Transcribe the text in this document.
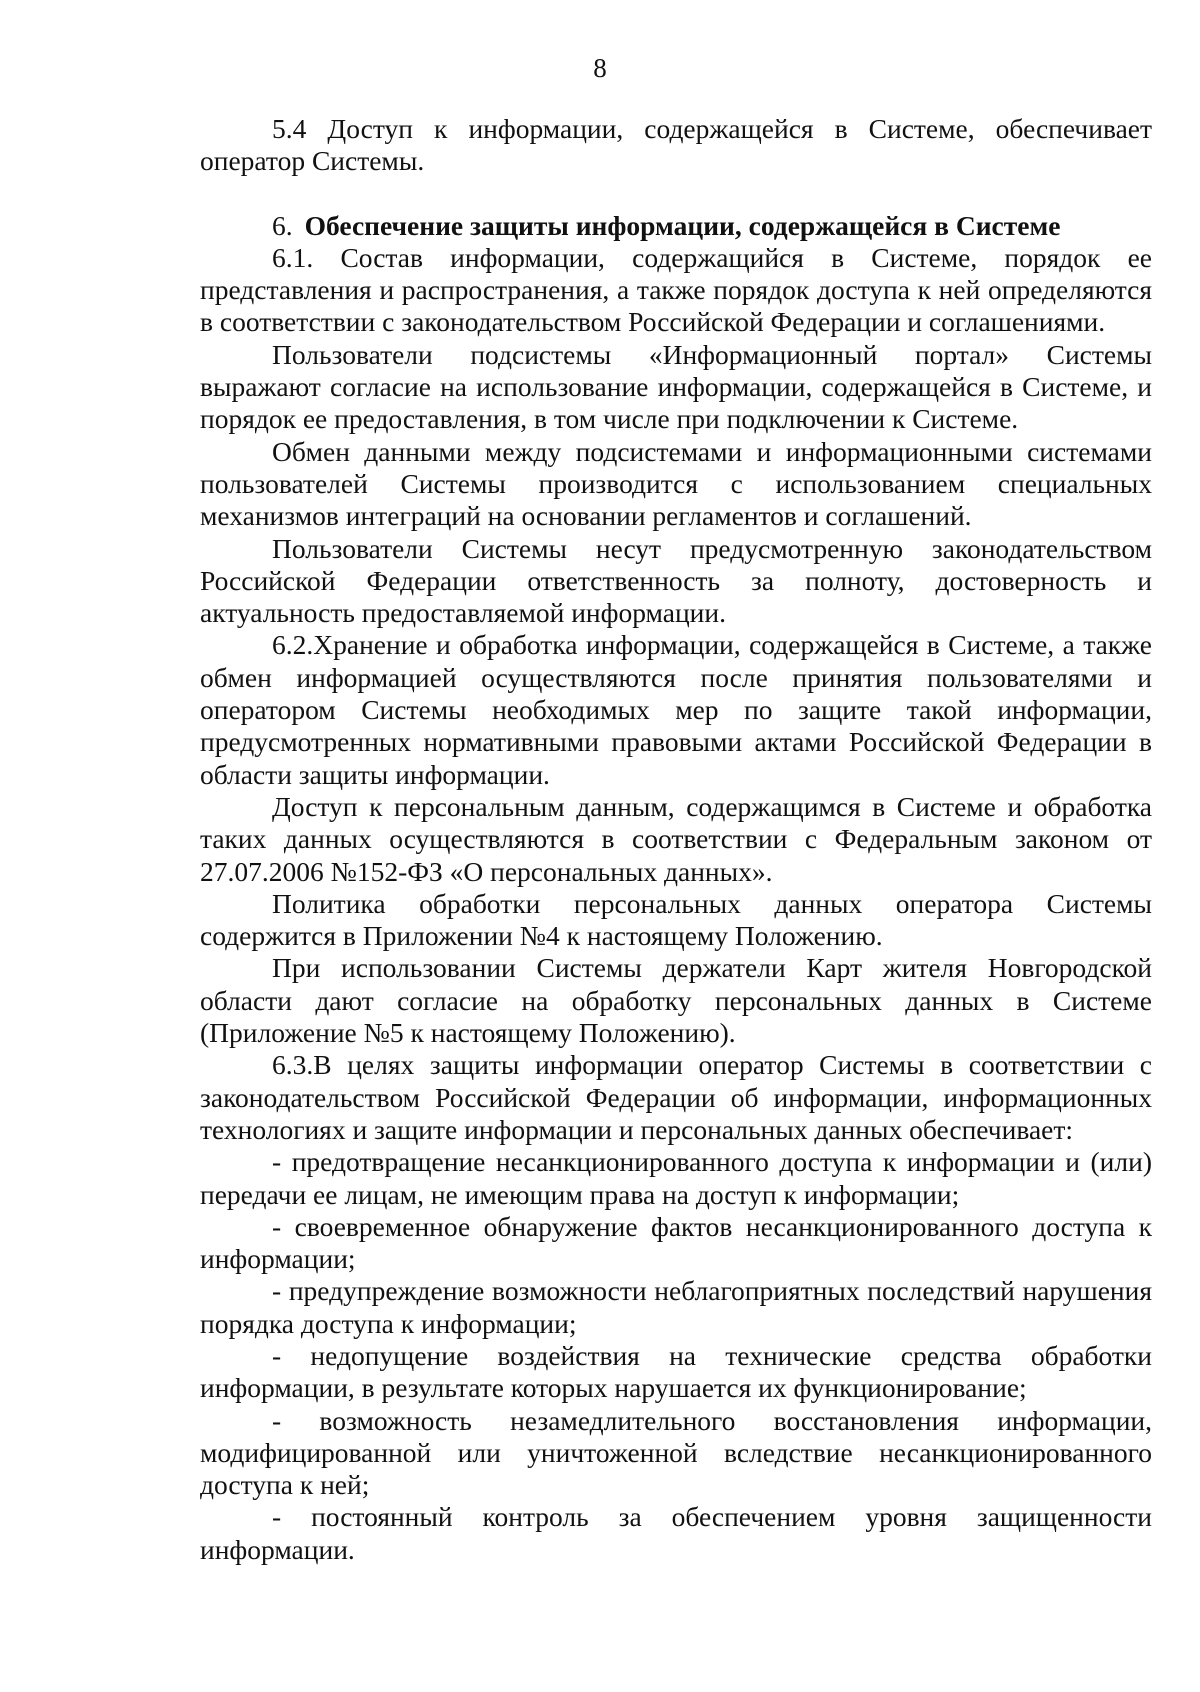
8

5.4 Доступ к информации, содержащейся в Системе, обеспечивает оператор Системы.

6. Обеспечение защиты информации, содержащейся в Системе

6.1. Состав информации, содержащийся в Системе, порядок ее представления и распространения, а также порядок доступа к ней определяются в соответствии с законодательством Российской Федерации и соглашениями.

Пользователи подсистемы «Информационный портал» Системы выражают согласие на использование информации, содержащейся в Системе, и порядок ее предоставления, в том числе при подключении к Системе.

Обмен данными между подсистемами и информационными системами пользователей Системы производится с использованием специальных механизмов интеграций на основании регламентов и соглашений.

Пользователи Системы несут предусмотренную законодательством Российской Федерации ответственность за полноту, достоверность и актуальность предоставляемой информации.

6.2.Хранение и обработка информации, содержащейся в Системе, а также обмен информацией осуществляются после принятия пользователями и оператором Системы необходимых мер по защите такой информации, предусмотренных нормативными правовыми актами Российской Федерации в области защиты информации.

Доступ к персональным данным, содержащимся в Системе и обработка таких данных осуществляются в соответствии с Федеральным законом от 27.07.2006 №152-ФЗ «О персональных данных».

Политика обработки персональных данных оператора Системы содержится в Приложении №4 к настоящему Положению.

При использовании Системы держатели Карт жителя Новгородской области дают согласие на обработку персональных данных в Системе (Приложение №5 к настоящему Положению).

6.3.В целях защиты информации оператор Системы в соответствии с законодательством Российской Федерации об информации, информационных технологиях и защите информации и персональных данных обеспечивает:

- предотвращение несанкционированного доступа к информации и (или) передачи ее лицам, не имеющим права на доступ к информации;

- своевременное обнаружение фактов несанкционированного доступа к информации;

- предупреждение возможности неблагоприятных последствий нарушения порядка доступа к информации;

- недопущение воздействия на технические средства обработки информации, в результате которых нарушается их функционирование;

- возможность незамедлительного восстановления информации, модифицированной или уничтоженной вследствие несанкционированного доступа к ней;

- постоянный контроль за обеспечением уровня защищенности информации.
